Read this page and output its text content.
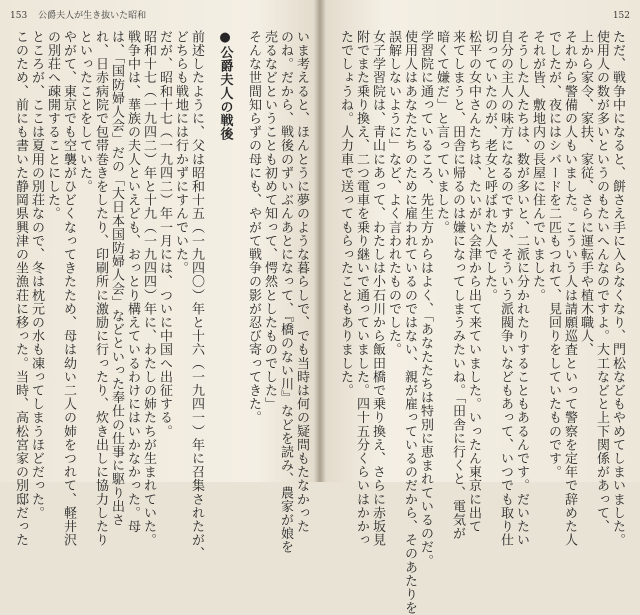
153 公爵夫人が生き抜いた昭和	152
いま考えると、ほんとうに夢のような暮らしで、でも当時は何の疑問もたなかった
のね。だから、戦後のずいぶんあとになって、『橋のない川』などを読み、農家が娘を
売るなどということも初めて知って、愕然としたものでした」
そんな世間知らずの母にも、やがて戦争の影が忍び寄ってきた。
●公爵夫人の戦後
前述したように、父は昭和十五（一九四〇）年と十六（一九四一）年に召集されたが、
どちらも戦地には行かずにすんでいた。
だが、昭和十七（一九四二）年一月には、ついに中国へ出征する。
昭和十七（一九四二）年と十九（一九四四）年に、わたしの姉たちが生まれていた。
戦争中は、華族の夫人といえども、おっとり構えているわけにはいかなかった。母
は、「国防婦人会」だの「大日本国防婦人会」などといった奉仕の仕事に駆り出さ
れ、日赤病院で包帯巻きをしたり、印刷所に激励に行ったり、炊き出しに協力したり
といったことをしていた。
やがて、東京でも空襲がひどくなってきたため、母は幼い二人の姉をつれて、軽井沢
の別荘へ疎開することにした。
ところが、ここは夏用の別荘なので、冬は枕元の水も凍ってしまうほどだった。
このため、前にも書いた静岡県興津の坐漁荘に移った。当時、高松宮家の別邸だった	ただ、戦争中になると、餅さえ手に入らなくなり、門松などもやめてしまいました。
使用人の数が多いというのもたいへんなのですよ。大工などと上下関係があって、
上から家令、家扶、家従、さらに運転手や植木職人、
それから警備の人もいました。こういう人は請願巡査といって警察を定年で辞めた人
でしたが、夜にはシバードを二匹もつれて、見回りをしていたものです。
それが皆、敷地内の長屋に住んでいました。
そうした人たちは、数が多いと、二派に分かれたりすることもあるんです。だいたい
自分の主人の味方になるのですが、そういう派閥争いなどもあって、いつでも取り仕
切っていたのが、老女と呼ばれた人でした。
松平の女中さんたちは、たいがい会津から出て来ていました。いったん東京に出て
来てしまうと、田舎に帰るのは嫌になってしまうみたいね。「田舎に行くと、電気が
暗くて嫌だ」と言っていました。
学習院に通っているころ、先生方からはよく、「あなたたちは特別に恵まれているのだ。
使用人はあなたたちのために雇われているのではない、親が雇っているのだから、そのあたりを
誤解しないように」など、よく言われたものでした。
女子学習院は、青山にあって、わたしは小石川から飯田橋で乗り換え、さらに赤坂見
附でまた乗り換え、二つ電車を乗り継いで通っていました。四十五分くらいはかかっ
たでしょうね。人力車で送ってもらったこともありました。
